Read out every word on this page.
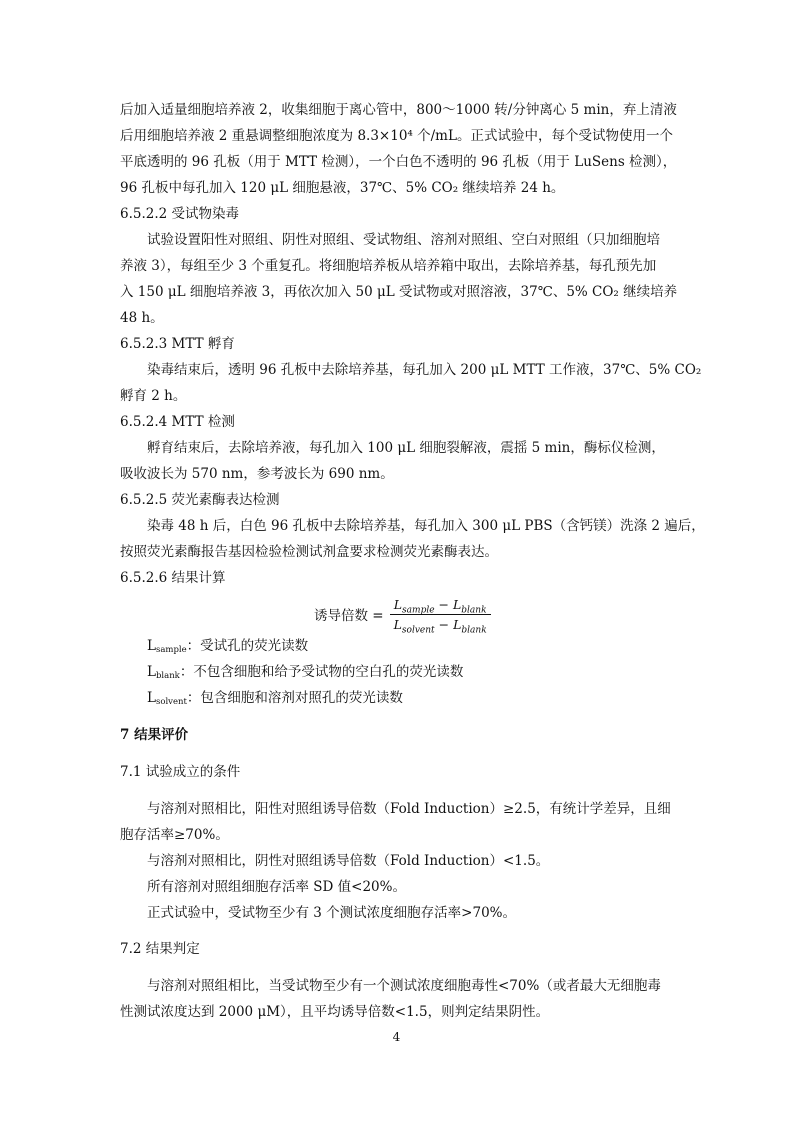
后加入适量细胞培养液 2，收集细胞于离心管中，800～1000 转/分钟离心 5 min，弃上清液
后用细胞培养液 2 重悬调整细胞浓度为 8.3×10⁴ 个/mL。正式试验中，每个受试物使用一个
平底透明的 96 孔板（用于 MTT 检测），一个白色不透明的 96 孔板（用于 LuSens 检测），
96 孔板中每孔加入 120 μL 细胞悬液，37℃、5% CO₂ 继续培养 24 h。
6.5.2.2 受试物染毒
试验设置阳性对照组、阴性对照组、受试物组、溶剂对照组、空白对照组（只加细胞培
养液 3），每组至少 3 个重复孔。将细胞培养板从培养箱中取出，去除培养基，每孔预先加
入 150 μL 细胞培养液 3，再依次加入 50 μL 受试物或对照溶液，37℃、5% CO₂ 继续培养
48 h。
6.5.2.3 MTT 孵育
染毒结束后，透明 96 孔板中去除培养基，每孔加入 200 μL MTT 工作液，37℃、5% CO₂
孵育 2 h。
6.5.2.4 MTT 检测
孵育结束后，去除培养液，每孔加入 100 μL 细胞裂解液，震摇 5 min，酶标仪检测，
吸收波长为 570 nm，参考波长为 690 nm。
6.5.2.5 荧光素酶表达检测
染毒 48 h 后，白色 96 孔板中去除培养基，每孔加入 300 μL PBS（含钙镁）洗涤 2 遍后，
按照荧光素酶报告基因检验检测试剂盒要求检测荧光素酶表达。
6.5.2.6 结果计算
诱导倍数 = $\frac{L_{sample} - L_{blank}}{L_{solvent} - L_{blank}}$
Lsample：受试孔的荧光读数
Lblank：不包含细胞和给予受试物的空白孔的荧光读数
Lsolvent：包含细胞和溶剂对照孔的荧光读数
7 结果评价
7.1 试验成立的条件
与溶剂对照相比，阳性对照组诱导倍数（Fold Induction）≥2.5，有统计学差异，且细
胞存活率≥70%。
与溶剂对照相比，阴性对照组诱导倍数（Fold Induction）<1.5。
所有溶剂对照组细胞存活率 SD 值<20%。
正式试验中，受试物至少有 3 个测试浓度细胞存活率>70%。
7.2 结果判定
与溶剂对照组相比，当受试物至少有一个测试浓度细胞毒性<70%（或者最大无细胞毒
性测试浓度达到 2000 μM），且平均诱导倍数<1.5，则判定结果阴性。
4
